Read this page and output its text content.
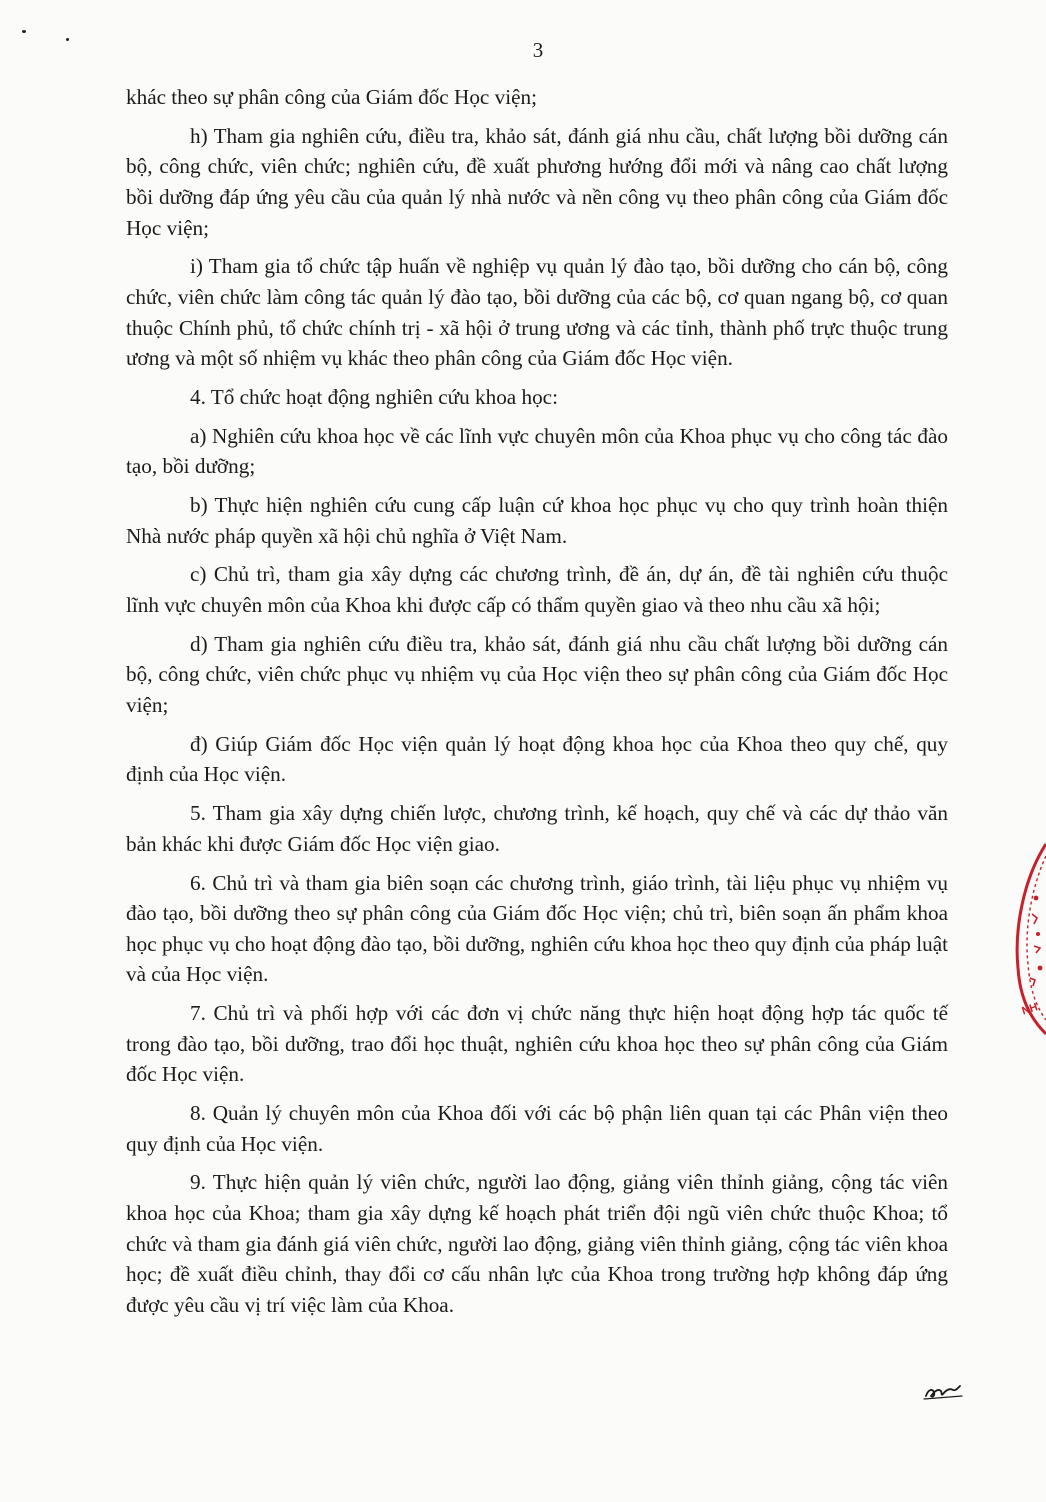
3

khác theo sự phân công của Giám đốc Học viện;

h) Tham gia nghiên cứu, điều tra, khảo sát, đánh giá nhu cầu, chất lượng bồi dưỡng cán bộ, công chức, viên chức; nghiên cứu, đề xuất phương hướng đổi mới và nâng cao chất lượng bồi dưỡng đáp ứng yêu cầu của quản lý nhà nước và nền công vụ theo phân công của Giám đốc Học viện;

i) Tham gia tổ chức tập huấn về nghiệp vụ quản lý đào tạo, bồi dưỡng cho cán bộ, công chức, viên chức làm công tác quản lý đào tạo, bồi dưỡng của các bộ, cơ quan ngang bộ, cơ quan thuộc Chính phủ, tổ chức chính trị - xã hội ở trung ương và các tỉnh, thành phố trực thuộc trung ương và một số nhiệm vụ khác theo phân công của Giám đốc Học viện.

4. Tổ chức hoạt động nghiên cứu khoa học:

a) Nghiên cứu khoa học về các lĩnh vực chuyên môn của Khoa phục vụ cho công tác đào tạo, bồi dưỡng;

b) Thực hiện nghiên cứu cung cấp luận cứ khoa học phục vụ cho quy trình hoàn thiện Nhà nước pháp quyền xã hội chủ nghĩa ở Việt Nam.

c) Chủ trì, tham gia xây dựng các chương trình, đề án, dự án, đề tài nghiên cứu thuộc lĩnh vực chuyên môn của Khoa khi được cấp có thẩm quyền giao và theo nhu cầu xã hội;

d) Tham gia nghiên cứu điều tra, khảo sát, đánh giá nhu cầu chất lượng bồi dưỡng cán bộ, công chức, viên chức phục vụ nhiệm vụ của Học viện theo sự phân công của Giám đốc Học viện;

đ) Giúp Giám đốc Học viện quản lý hoạt động khoa học của Khoa theo quy chế, quy định của Học viện.

5. Tham gia xây dựng chiến lược, chương trình, kế hoạch, quy chế và các dự thảo văn bản khác khi được Giám đốc Học viện giao.

6. Chủ trì và tham gia biên soạn các chương trình, giáo trình, tài liệu phục vụ nhiệm vụ đào tạo, bồi dưỡng theo sự phân công của Giám đốc Học viện; chủ trì, biên soạn ấn phẩm khoa học phục vụ cho hoạt động đào tạo, bồi dưỡng, nghiên cứu khoa học theo quy định của pháp luật và của Học viện.

7. Chủ trì và phối hợp với các đơn vị chức năng thực hiện hoạt động hợp tác quốc tế trong đào tạo, bồi dưỡng, trao đổi học thuật, nghiên cứu khoa học theo sự phân công của Giám đốc Học viện.

8. Quản lý chuyên môn của Khoa đối với các bộ phận liên quan tại các Phân viện theo quy định của Học viện.

9. Thực hiện quản lý viên chức, người lao động, giảng viên thỉnh giảng, cộng tác viên khoa học của Khoa; tham gia xây dựng kế hoạch phát triển đội ngũ viên chức thuộc Khoa; tổ chức và tham gia đánh giá viên chức, người lao động, giảng viên thỉnh giảng, cộng tác viên khoa học; đề xuất điều chỉnh, thay đổi cơ cấu nhân lực của Khoa trong trường hợp không đáp ứng được yêu cầu vị trí việc làm của Khoa.

NH
